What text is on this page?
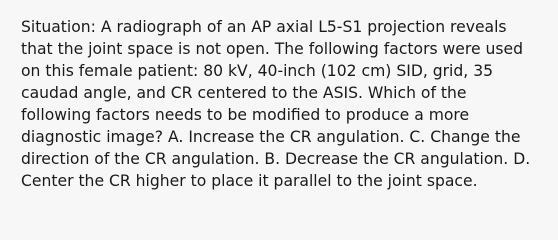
Situation: A radiograph of an AP axial L5-S1 projection reveals
that the joint space is not open. The following factors were used
on this female patient: 80 kV, 40-inch (102 cm) SID, grid, 35
caudad angle, and CR centered to the ASIS. Which of the
following factors needs to be modified to produce a more
diagnostic image? A. Increase the CR angulation. C. Change the
direction of the CR angulation. B. Decrease the CR angulation. D.
Center the CR higher to place it parallel to the joint space.
